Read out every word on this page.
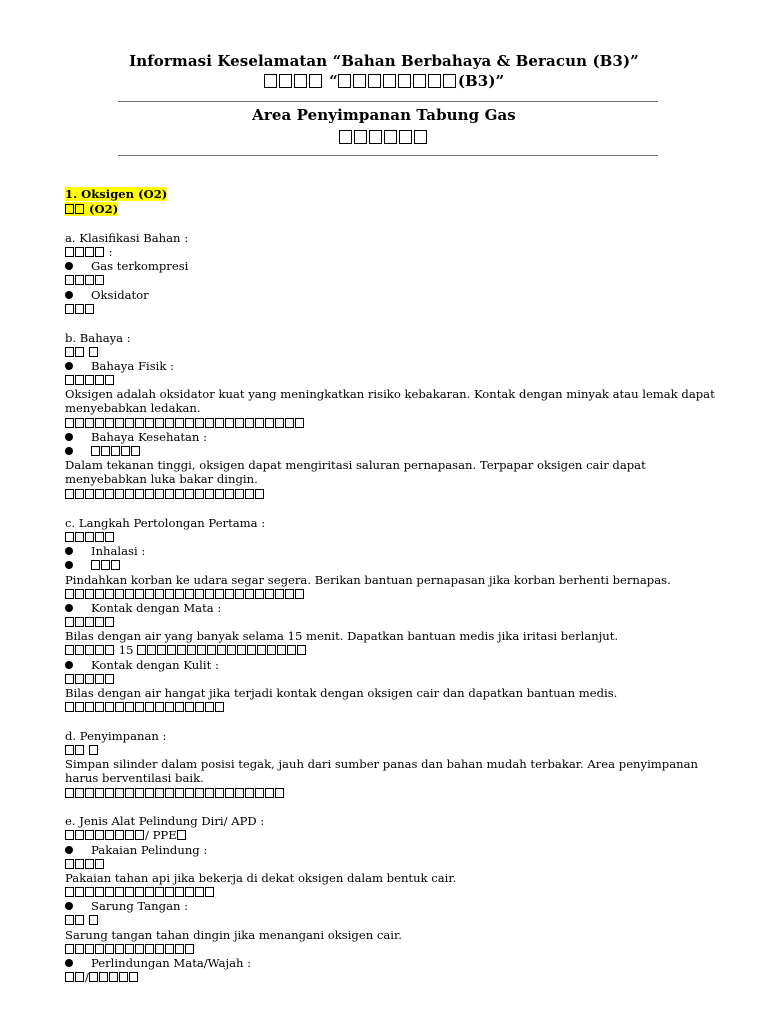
Informasi Keselamatan “Bahan Berbahaya & Beracun (B3)”
“	(B3)”
Area Penyimpanan Tabung Gas
1. Oksigen (O2)
(O2)
a. Klasifikasi Bahan :
:
Gas terkompresi
Oksidator
b. Bahaya :

Bahaya Fisik :
Oksigen adalah oksidator kuat yang meningkatkan risiko kebakaran. Kontak dengan minyak atau lemak dapat menyebabkan ledakan.
Bahaya Kesehatan :
Dalam tekanan tinggi, oksigen dapat mengiritasi saluran pernapasan. Terpapar oksigen cair dapat menyebabkan luka bakar dingin.
c. Langkah Pertolongan Pertama :
Inhalasi :
Pindahkan korban ke udara segar segera. Berikan bantuan pernapasan jika korban berhenti bernapas.
Kontak dengan Mata :
Bilas dengan air yang banyak selama 15 menit. Dapatkan bantuan medis jika iritasi berlanjut.
15
Kontak dengan Kulit :
Bilas dengan air hangat jika terjadi kontak dengan oksigen cair dan dapatkan bantuan medis.
d. Penyimpanan :

Simpan silinder dalam posisi tegak, jauh dari sumber panas dan bahan mudah terbakar. Area penyimpanan harus berventilasi baik.
e. Jenis Alat Pelindung Diri/ APD :
/ PPE
Pakaian Pelindung :
Pakaian tahan api jika bekerja di dekat oksigen dalam bentuk cair.
Sarung Tangan :

Sarung tangan tahan dingin jika menangani oksigen cair.
Perlindungan Mata/Wajah :
/
